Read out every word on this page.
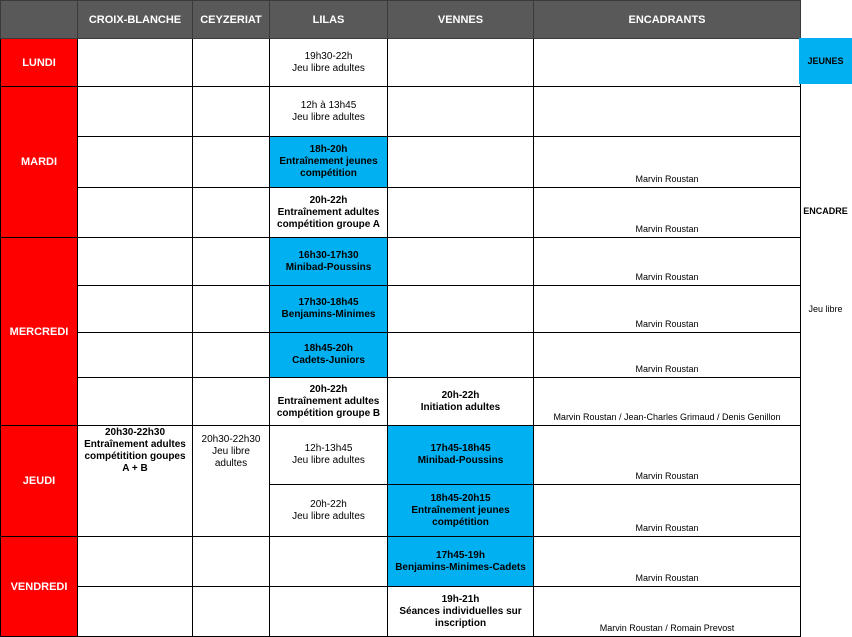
	CROIX-BLANCHE	CEYZERIAT	LILAS	VENNES	ENCADRANTS
LUNDI			19h30-22h
Jeu libre adultes		

MARDI			12h à 13h45
Jeu libre adultes		

			18h-20h
Entraînement jeunes
compétition		Marvin Roustan

			20h-22h
Entraînement adultes
compétition groupe A		Marvin Roustan
MERCREDI			16h30-17h30
Minibad-Poussins		Marvin Roustan

			17h30-18h45
Benjamins-Minimes		Marvin Roustan

			18h45-20h
Cadets-Juniors		Marvin Roustan

			20h-22h
Entraînement adultes
compétition groupe B	20h-22h
Initiation adultes	Marvin Roustan / Jean-Charles Grimaud / Denis Genillon
JEUDI	20h30-22h30
Entraînement adultes
compétitition goupes
A + B	20h30-22h30
Jeu libre
adultes	12h-13h45
Jeu libre adultes	17h45-18h45
Minibad-Poussins	Marvin Roustan

			20h-22h
Jeu libre adultes	18h45-20h15
Entraînement jeunes
compétition	Marvin Roustan
VENDREDI				17h45-19h
Benjamins-Minimes-Cadets	Marvin Roustan

				19h-21h
Séances individuelles sur
inscription	Marvin Roustan / Romain Prevost
JEUNES
ENCADRE
Jeu libre
